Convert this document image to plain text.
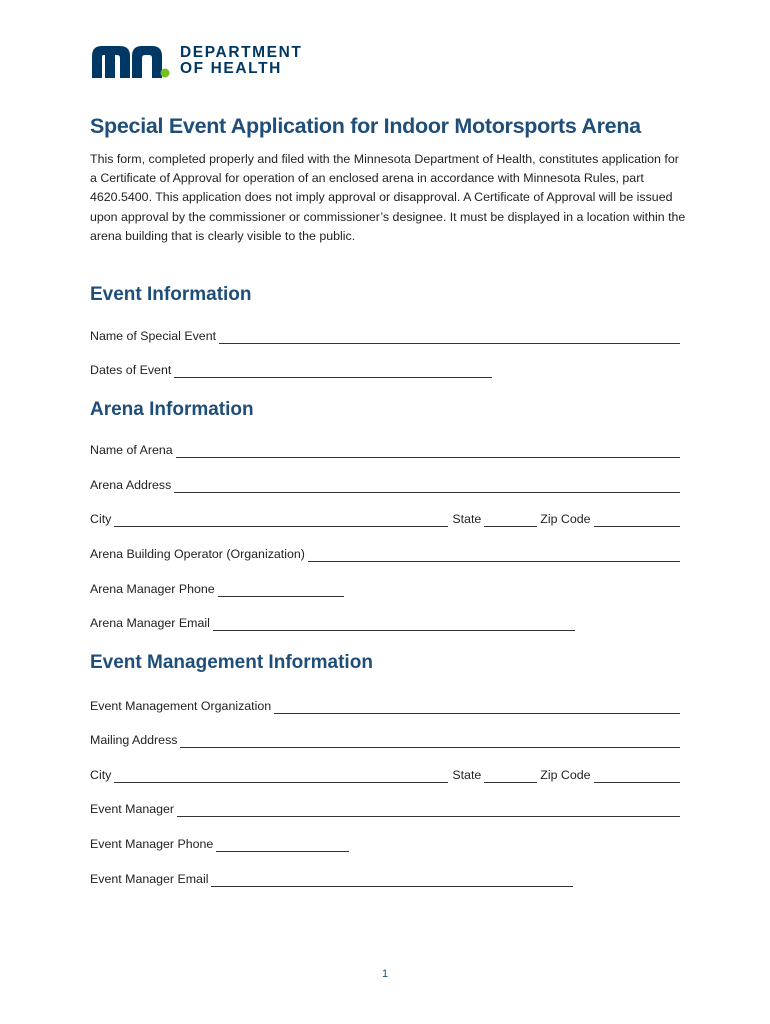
DEPARTMENT
OF HEALTH
Special Event Application for Indoor Motorsports Arena

This form, completed properly and filed with the Minnesota Department of Health, constitutes application for a Certificate of Approval for operation of an enclosed arena in accordance with Minnesota Rules, part 4620.5400. This application does not imply approval or disapproval. A Certificate of Approval will be issued upon approval by the commissioner or commissioner’s designee. It must be displayed in a location within the arena building that is clearly visible to the public.

Event Information
Name of Special Event
Dates of Event
Arena Information
Name of Arena
Arena Address
City	State	Zip Code
Arena Building Operator (Organization)
Arena Manager Phone
Arena Manager Email
Event Management Information
Event Management Organization
Mailing Address
City	State	Zip Code
Event Manager
Event Manager Phone
Event Manager Email
1
